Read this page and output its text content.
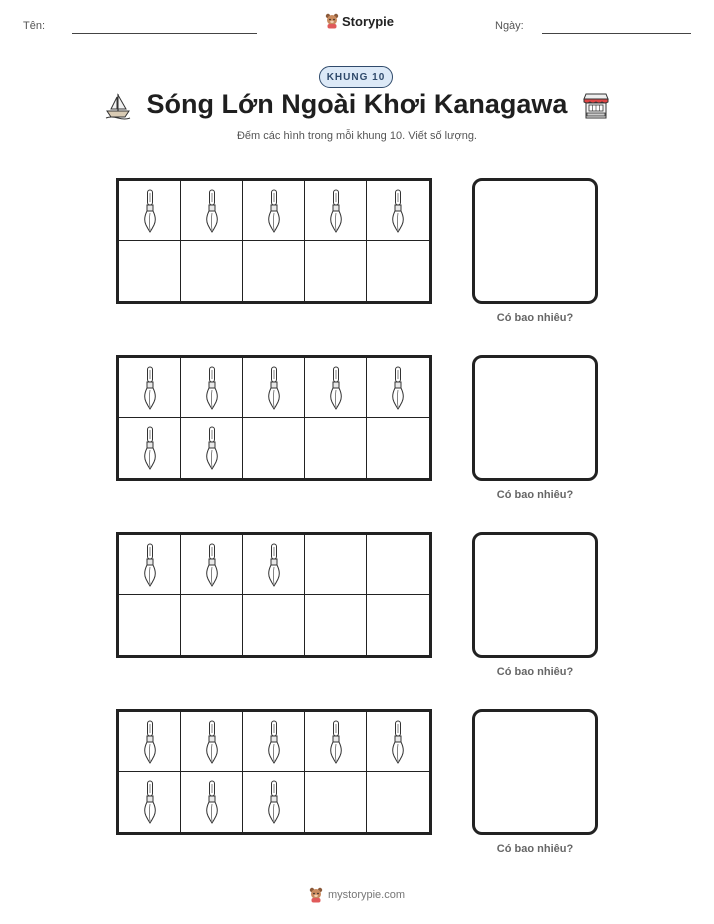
Tên:	Storypie	Ngày:
KHUNG 10
Sóng Lớn Ngoài Khơi Kanagawa
Đếm các hình trong mỗi khung 10. Viết số lượng.
Có bao nhiêu?
Có bao nhiêu?
Có bao nhiêu?
Có bao nhiêu?
mystorypie.com
